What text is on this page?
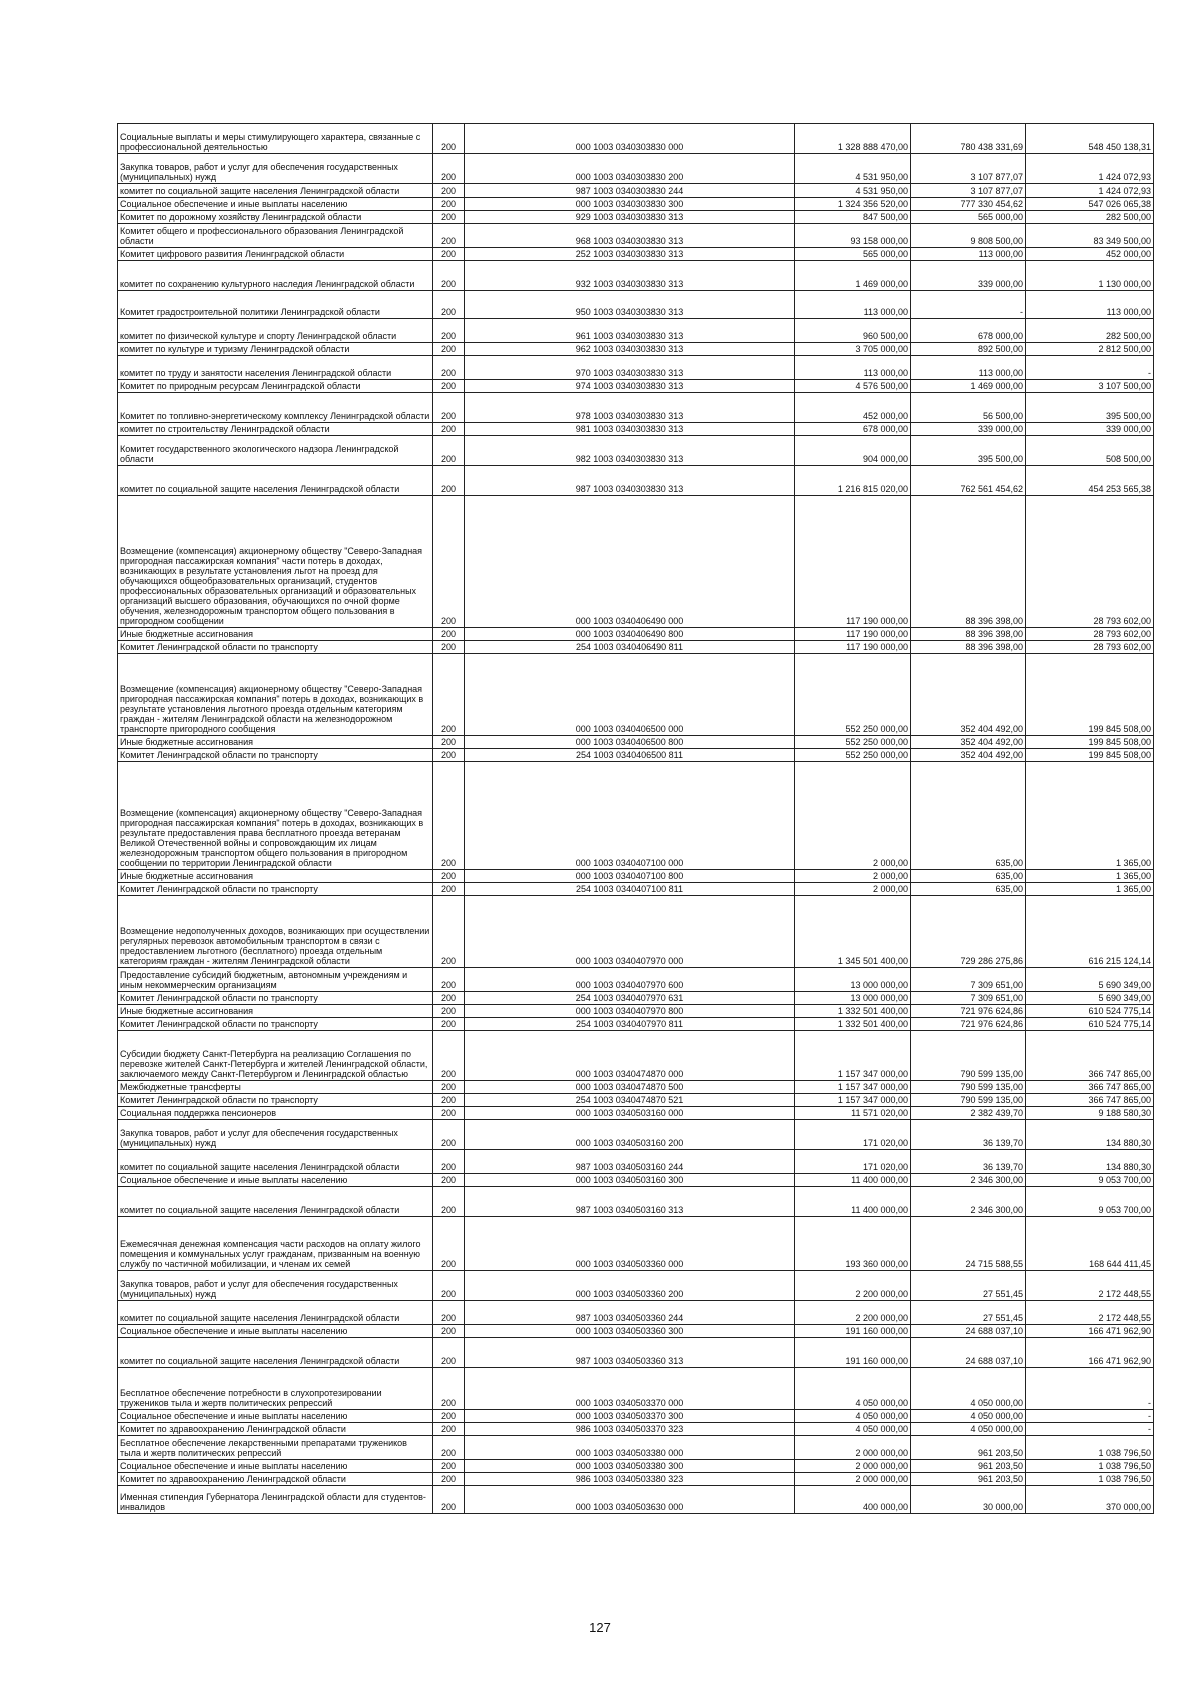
Социальные выплаты и меры стимулирующего характера, связанные с профессиональной деятельностью	200	000 1003 0340303830 000	1 328 888 470,00	780 438 331,69	548 450 138,31
Закупка товаров, работ и услуг для обеспечения государственных (муниципальных) нужд	200	000 1003 0340303830 200	4 531 950,00	3 107 877,07	1 424 072,93
комитет по социальной защите населения Ленинградской области	200	987 1003 0340303830 244	4 531 950,00	3 107 877,07	1 424 072,93
Социальное обеспечение и иные выплаты населению	200	000 1003 0340303830 300	1 324 356 520,00	777 330 454,62	547 026 065,38
Комитет по дорожному хозяйству Ленинградской области	200	929 1003 0340303830 313	847 500,00	565 000,00	282 500,00
Комитет общего и профессионального образования Ленинградской области	200	968 1003 0340303830 313	93 158 000,00	9 808 500,00	83 349 500,00
Комитет цифрового развития Ленинградской области	200	252 1003 0340303830 313	565 000,00	113 000,00	452 000,00
комитет по сохранению культурного наследия Ленинградской области	200	932 1003 0340303830 313	1 469 000,00	339 000,00	1 130 000,00
Комитет градостроительной политики Ленинградской области	200	950 1003 0340303830 313	113 000,00	-	113 000,00
комитет по физической культуре и спорту Ленинградской области	200	961 1003 0340303830 313	960 500,00	678 000,00	282 500,00
комитет по культуре и туризму Ленинградской области	200	962 1003 0340303830 313	3 705 000,00	892 500,00	2 812 500,00
комитет по труду и занятости населения Ленинградской области	200	970 1003 0340303830 313	113 000,00	113 000,00	-
Комитет по природным ресурсам Ленинградской области	200	974 1003 0340303830 313	4 576 500,00	1 469 000,00	3 107 500,00
Комитет по топливно-энергетическому комплексу Ленинградской области	200	978 1003 0340303830 313	452 000,00	56 500,00	395 500,00
комитет по строительству Ленинградской области	200	981 1003 0340303830 313	678 000,00	339 000,00	339 000,00
Комитет государственного экологического надзора Ленинградской области	200	982 1003 0340303830 313	904 000,00	395 500,00	508 500,00
комитет по социальной защите населения Ленинградской области	200	987 1003 0340303830 313	1 216 815 020,00	762 561 454,62	454 253 565,38
Возмещение (компенсация) акционерному обществу "Северо-Западная пригородная пассажирская компания" части потерь в доходах, возникающих в результате установления льгот на проезд для обучающихся общеобразовательных организаций, студентов профессиональных образовательных организаций и образовательных организаций высшего образования, обучающихся по очной форме обучения, железнодорожным транспортом общего пользования в пригородном сообщении	200	000 1003 0340406490 000	117 190 000,00	88 396 398,00	28 793 602,00
Иные бюджетные ассигнования	200	000 1003 0340406490 800	117 190 000,00	88 396 398,00	28 793 602,00
Комитет Ленинградской области по транспорту	200	254 1003 0340406490 811	117 190 000,00	88 396 398,00	28 793 602,00
Возмещение (компенсация) акционерному обществу "Северо-Западная пригородная пассажирская компания" потерь в доходах, возникающих в результате установления льготного проезда отдельным категориям граждан - жителям Ленинградской области на железнодорожном транспорте пригородного сообщения	200	000 1003 0340406500 000	552 250 000,00	352 404 492,00	199 845 508,00
Иные бюджетные ассигнования	200	000 1003 0340406500 800	552 250 000,00	352 404 492,00	199 845 508,00
Комитет Ленинградской области по транспорту	200	254 1003 0340406500 811	552 250 000,00	352 404 492,00	199 845 508,00
Возмещение (компенсация) акционерному обществу "Северо-Западная пригородная пассажирская компания" потерь в доходах, возникающих в результате предоставления права бесплатного проезда ветеранам Великой Отечественной войны и сопровождающим их лицам железнодорожным транспортом общего пользования в пригородном сообщении по территории Ленинградской области	200	000 1003 0340407100 000	2 000,00	635,00	1 365,00
Иные бюджетные ассигнования	200	000 1003 0340407100 800	2 000,00	635,00	1 365,00
Комитет Ленинградской области по транспорту	200	254 1003 0340407100 811	2 000,00	635,00	1 365,00
Возмещение недополученных доходов, возникающих при осуществлении регулярных перевозок автомобильным транспортом в связи с предоставлением льготного (бесплатного) проезда отдельным категориям граждан - жителям Ленинградской области	200	000 1003 0340407970 000	1 345 501 400,00	729 286 275,86	616 215 124,14
Предоставление субсидий бюджетным, автономным учреждениям и иным некоммерческим организациям	200	000 1003 0340407970 600	13 000 000,00	7 309 651,00	5 690 349,00
Комитет Ленинградской области по транспорту	200	254 1003 0340407970 631	13 000 000,00	7 309 651,00	5 690 349,00
Иные бюджетные ассигнования	200	000 1003 0340407970 800	1 332 501 400,00	721 976 624,86	610 524 775,14
Комитет Ленинградской области по транспорту	200	254 1003 0340407970 811	1 332 501 400,00	721 976 624,86	610 524 775,14
Субсидии бюджету Санкт-Петербурга на реализацию Соглашения по перевозке жителей Санкт-Петербурга и жителей Ленинградской области, заключаемого между Санкт-Петербургом и Ленинградской областью	200	000 1003 0340474870 000	1 157 347 000,00	790 599 135,00	366 747 865,00
Межбюджетные трансферты	200	000 1003 0340474870 500	1 157 347 000,00	790 599 135,00	366 747 865,00
Комитет Ленинградской области по транспорту	200	254 1003 0340474870 521	1 157 347 000,00	790 599 135,00	366 747 865,00
Социальная поддержка пенсионеров	200	000 1003 0340503160 000	11 571 020,00	2 382 439,70	9 188 580,30
Закупка товаров, работ и услуг для обеспечения государственных (муниципальных) нужд	200	000 1003 0340503160 200	171 020,00	36 139,70	134 880,30
комитет по социальной защите населения Ленинградской области	200	987 1003 0340503160 244	171 020,00	36 139,70	134 880,30
Социальное обеспечение и иные выплаты населению	200	000 1003 0340503160 300	11 400 000,00	2 346 300,00	9 053 700,00
комитет по социальной защите населения Ленинградской области	200	987 1003 0340503160 313	11 400 000,00	2 346 300,00	9 053 700,00
Ежемесячная денежная компенсация части расходов на оплату жилого помещения и коммунальных услуг гражданам, призванным на военную службу по частичной мобилизации, и членам их семей	200	000 1003 0340503360 000	193 360 000,00	24 715 588,55	168 644 411,45
Закупка товаров, работ и услуг для обеспечения государственных (муниципальных) нужд	200	000 1003 0340503360 200	2 200 000,00	27 551,45	2 172 448,55
комитет по социальной защите населения Ленинградской области	200	987 1003 0340503360 244	2 200 000,00	27 551,45	2 172 448,55
Социальное обеспечение и иные выплаты населению	200	000 1003 0340503360 300	191 160 000,00	24 688 037,10	166 471 962,90
комитет по социальной защите населения Ленинградской области	200	987 1003 0340503360 313	191 160 000,00	24 688 037,10	166 471 962,90
Бесплатное обеспечение потребности в слухопротезировании тружеников тыла и жертв политических репрессий	200	000 1003 0340503370 000	4 050 000,00	4 050 000,00	-
Социальное обеспечение и иные выплаты населению	200	000 1003 0340503370 300	4 050 000,00	4 050 000,00	-
Комитет по здравоохранению Ленинградской области	200	986 1003 0340503370 323	4 050 000,00	4 050 000,00	-
Бесплатное обеспечение лекарственными препаратами тружеников тыла и жертв политических репрессий	200	000 1003 0340503380 000	2 000 000,00	961 203,50	1 038 796,50
Социальное обеспечение и иные выплаты населению	200	000 1003 0340503380 300	2 000 000,00	961 203,50	1 038 796,50
Комитет по здравоохранению Ленинградской области	200	986 1003 0340503380 323	2 000 000,00	961 203,50	1 038 796,50
Именная стипендия Губернатора Ленинградской области для студентов-инвалидов	200	000 1003 0340503630 000	400 000,00	30 000,00	370 000,00
127
